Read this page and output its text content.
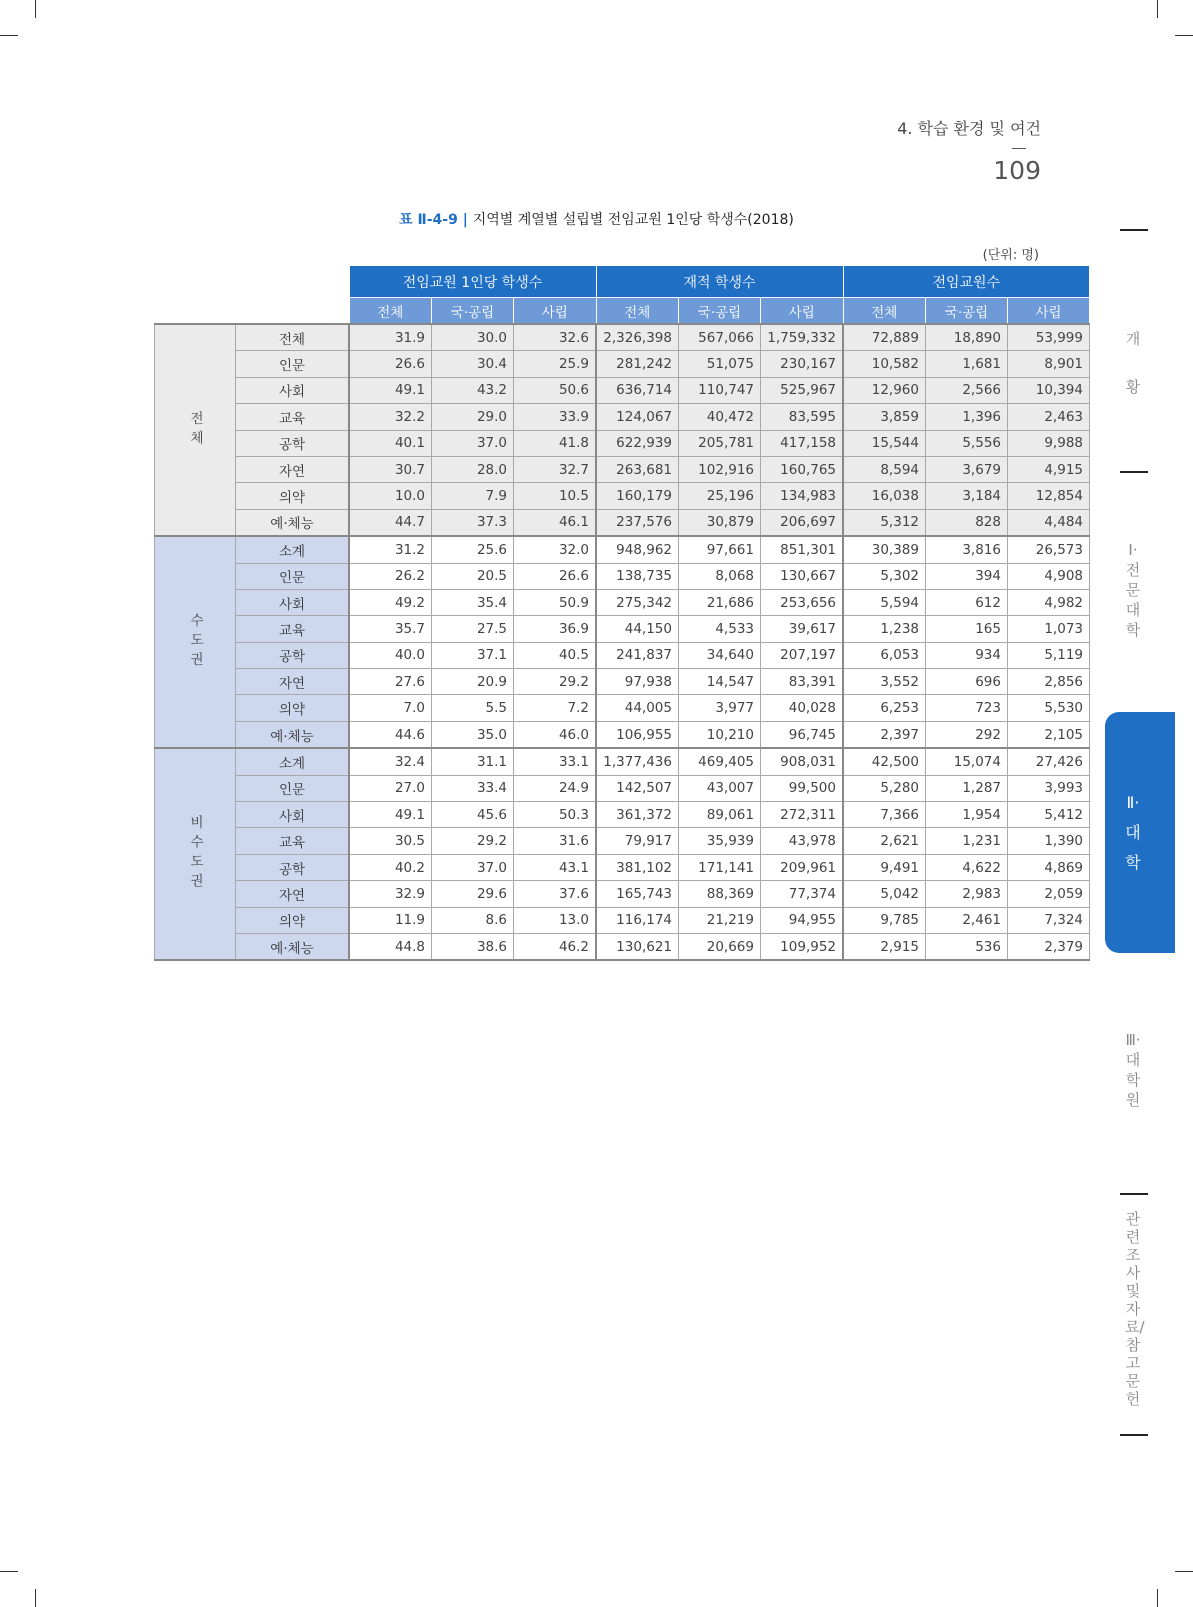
4. 학습 환경 및 여건
109
표 Ⅱ-4-9 | 지역별 계열별 설립별 전임교원 1인당 학생수(2018)
(단위: 명)
		전임교원 1인당 학생수			재적 학생수			전임교원수		
		전체	국·공립	사립	전체	국·공립	사립	전체	국·공립	사립
전체	전체	31.9	30.0	32.6	2,326,398	567,066	1,759,332	72,889	18,890	53,999
	인문	26.6	30.4	25.9	281,242	51,075	230,167	10,582	1,681	8,901
	사회	49.1	43.2	50.6	636,714	110,747	525,967	12,960	2,566	10,394
	교육	32.2	29.0	33.9	124,067	40,472	83,595	3,859	1,396	2,463
	공학	40.1	37.0	41.8	622,939	205,781	417,158	15,544	5,556	9,988
	자연	30.7	28.0	32.7	263,681	102,916	160,765	8,594	3,679	4,915
	의약	10.0	7.9	10.5	160,179	25,196	134,983	16,038	3,184	12,854
	예·체능	44.7	37.3	46.1	237,576	30,879	206,697	5,312	828	4,484
수도권	소계	31.2	25.6	32.0	948,962	97,661	851,301	30,389	3,816	26,573
	인문	26.2	20.5	26.6	138,735	8,068	130,667	5,302	394	4,908
	사회	49.2	35.4	50.9	275,342	21,686	253,656	5,594	612	4,982
	교육	35.7	27.5	36.9	44,150	4,533	39,617	1,238	165	1,073
	공학	40.0	37.1	40.5	241,837	34,640	207,197	6,053	934	5,119
	자연	27.6	20.9	29.2	97,938	14,547	83,391	3,552	696	2,856
	의약	7.0	5.5	7.2	44,005	3,977	40,028	6,253	723	5,530
	예·체능	44.6	35.0	46.0	106,955	10,210	96,745	2,397	292	2,105
비수도권	소계	32.4	31.1	33.1	1,377,436	469,405	908,031	42,500	15,074	27,426
	인문	27.0	33.4	24.9	142,507	43,007	99,500	5,280	1,287	3,993
	사회	49.1	45.6	50.3	361,372	89,061	272,311	7,366	1,954	5,412
	교육	30.5	29.2	31.6	79,917	35,939	43,978	2,621	1,231	1,390
	공학	40.2	37.0	43.1	381,102	171,141	209,961	9,491	4,622	4,869
	자연	32.9	29.6	37.6	165,743	88,369	77,374	5,042	2,983	2,059
	의약	11.9	8.6	13.0	116,174	21,219	94,955	9,785	2,461	7,324
	예·체능	44.8	38.6	46.2	130,621	20,669	109,952	2,915	536	2,379
개황
Ⅰ·전문대학
Ⅱ·대학
Ⅲ·대학원
관련조사 및 자료/참고문헌
